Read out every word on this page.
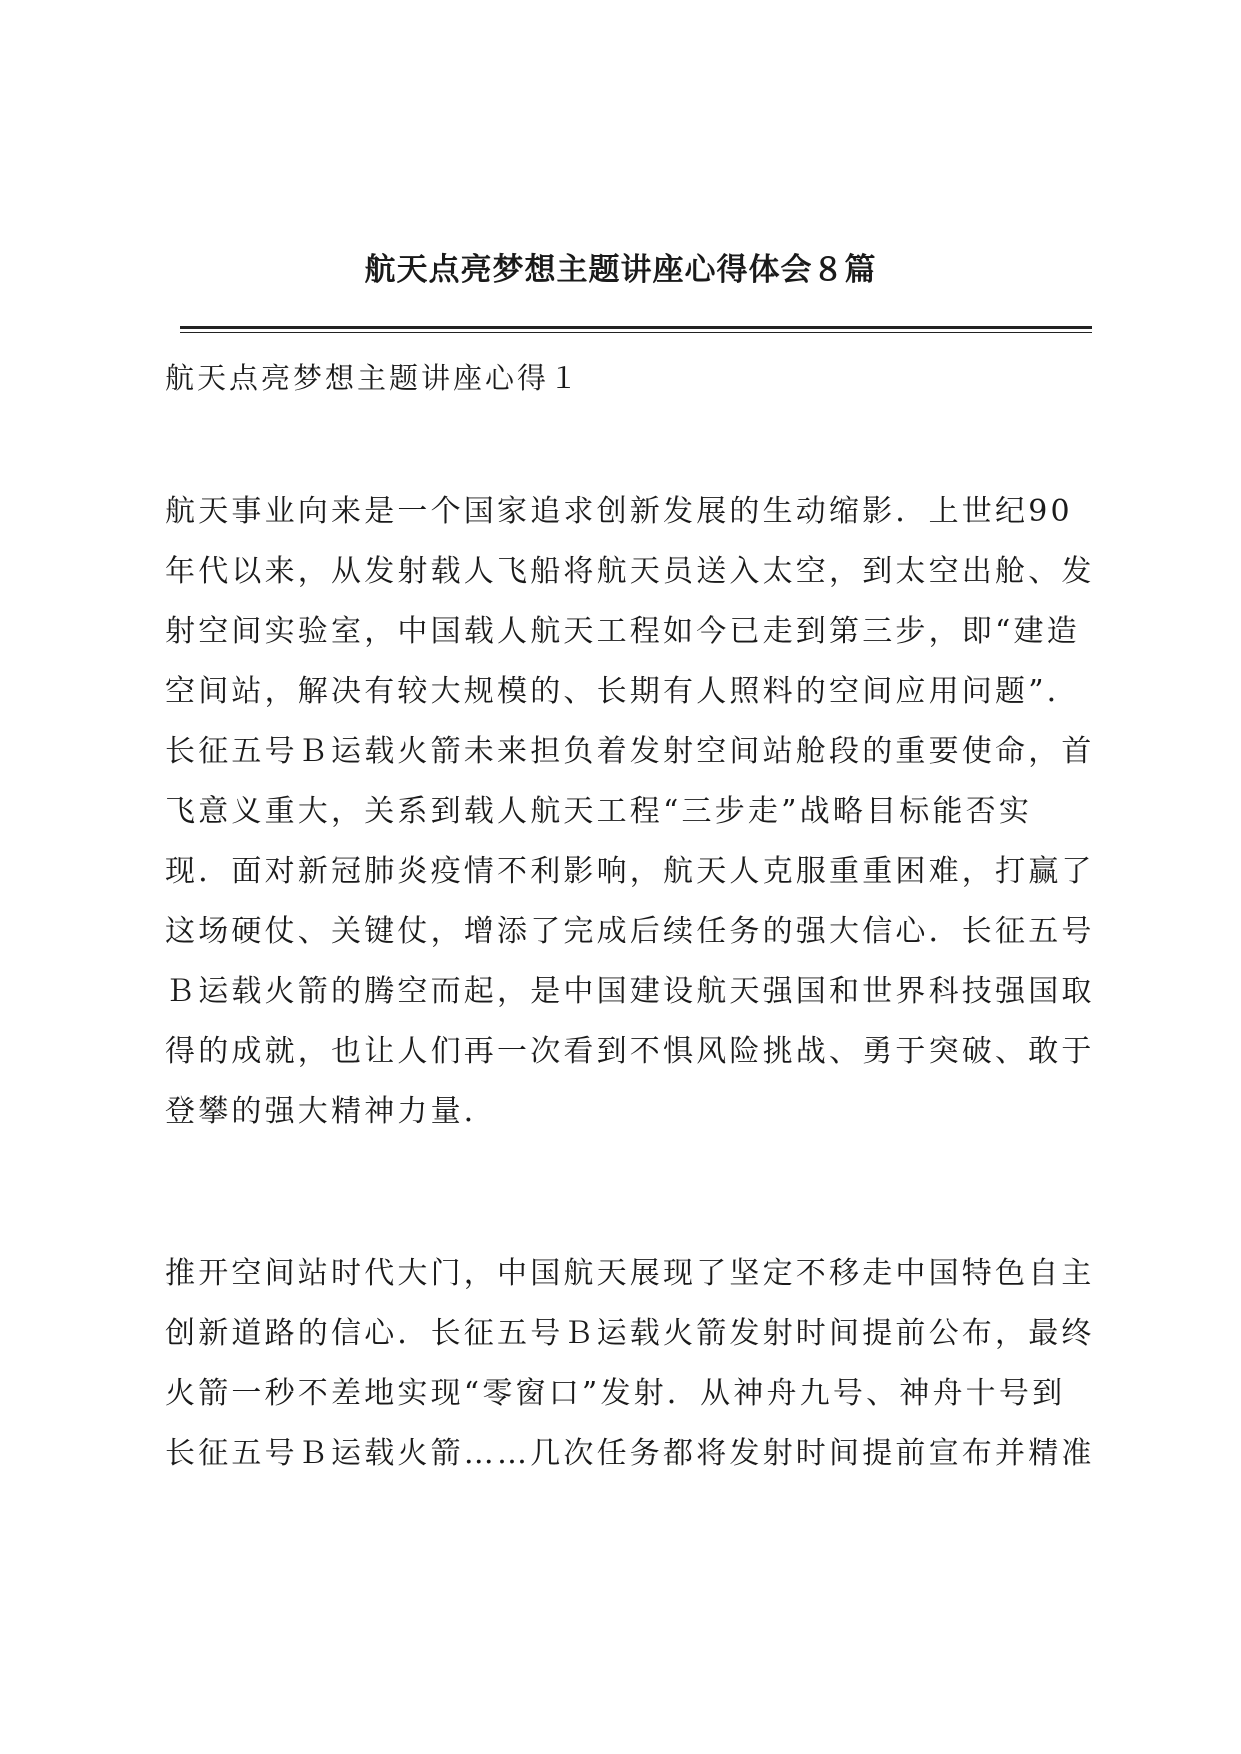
航天点亮梦想主题讲座心得体会８篇
航天点亮梦想主题讲座心得１
航天事业向来是一个国家追求创新发展的生动缩影．上世纪90
年代以来，从发射载人飞船将航天员送入太空，到太空出舱、发
射空间实验室，中国载人航天工程如今已走到第三步，即“建造
空间站，解决有较大规模的、长期有人照料的空间应用问题”．
长征五号Ｂ运载火箭未来担负着发射空间站舱段的重要使命，首
飞意义重大，关系到载人航天工程“三步走”战略目标能否实
现．面对新冠肺炎疫情不利影响，航天人克服重重困难，打赢了
这场硬仗、关键仗，增添了完成后续任务的强大信心．长征五号
Ｂ运载火箭的腾空而起，是中国建设航天强国和世界科技强国取
得的成就，也让人们再一次看到不惧风险挑战、勇于突破、敢于
登攀的强大精神力量．
推开空间站时代大门，中国航天展现了坚定不移走中国特色自主
创新道路的信心．长征五号Ｂ运载火箭发射时间提前公布，最终
火箭一秒不差地实现“零窗口”发射．从神舟九号、神舟十号到
长征五号Ｂ运载火箭……几次任务都将发射时间提前宣布并精准
